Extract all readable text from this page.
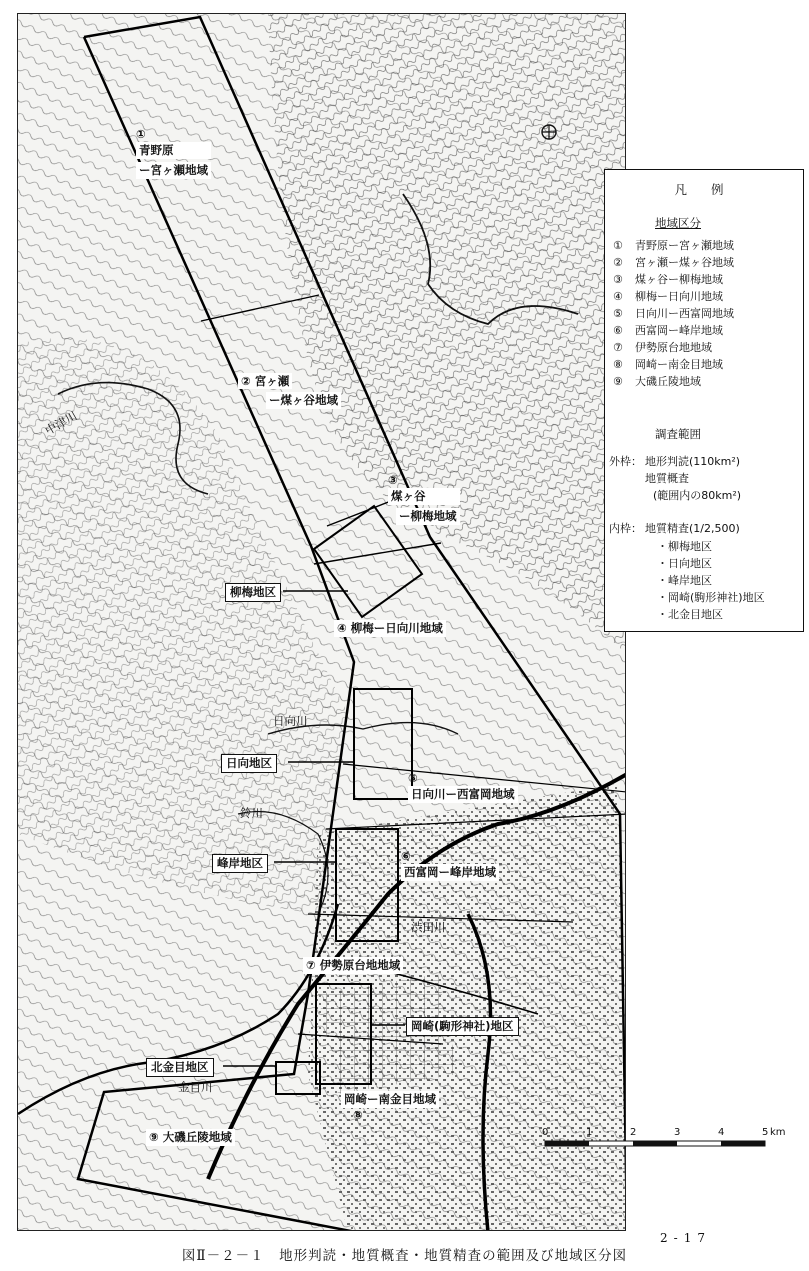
①
青野原
ー宮ヶ瀬地域
② 宮ヶ瀬
ー煤ヶ谷地域
③
煤ヶ谷
ー柳梅地域
④ 柳梅ー日向川地域
⑤
日向川ー西富岡地域
⑥
西富岡ー峰岸地域
⑦ 伊勢原台地地域
岡崎ー南金目地域
⑧
⑨ 大磯丘陵地域
柳梅地区
日向地区
峰岸地区
岡崎(駒形神社)地区
北金目地区
中津川
日向川
鈴川
渋田川
金目川
凡 例
地域区分
① 青野原ー宮ヶ瀬地域
② 宮ヶ瀬ー煤ヶ谷地域
③ 煤ヶ谷ー柳梅地域
④ 柳梅ー日向川地域
⑤ 日向川ー西富岡地域
⑥ 西富岡ー峰岸地域
⑦ 伊勢原台地地域
⑧ 岡崎ー南金目地域
⑨ 大磯丘陵地域
調査範囲
外枠： 地形判読(110km²)
地質概査
(範囲内の80km²)
内枠： 地質精査(1/2,500)
・柳梅地区
・日向地区
・峰岸地区
・岡崎(駒形神社)地区
・北金目地区
0	1	2	3	4	5 km
2-17
図Ⅱ－２－１　地形判読・地質概査・地質精査の範囲及び地域区分図
